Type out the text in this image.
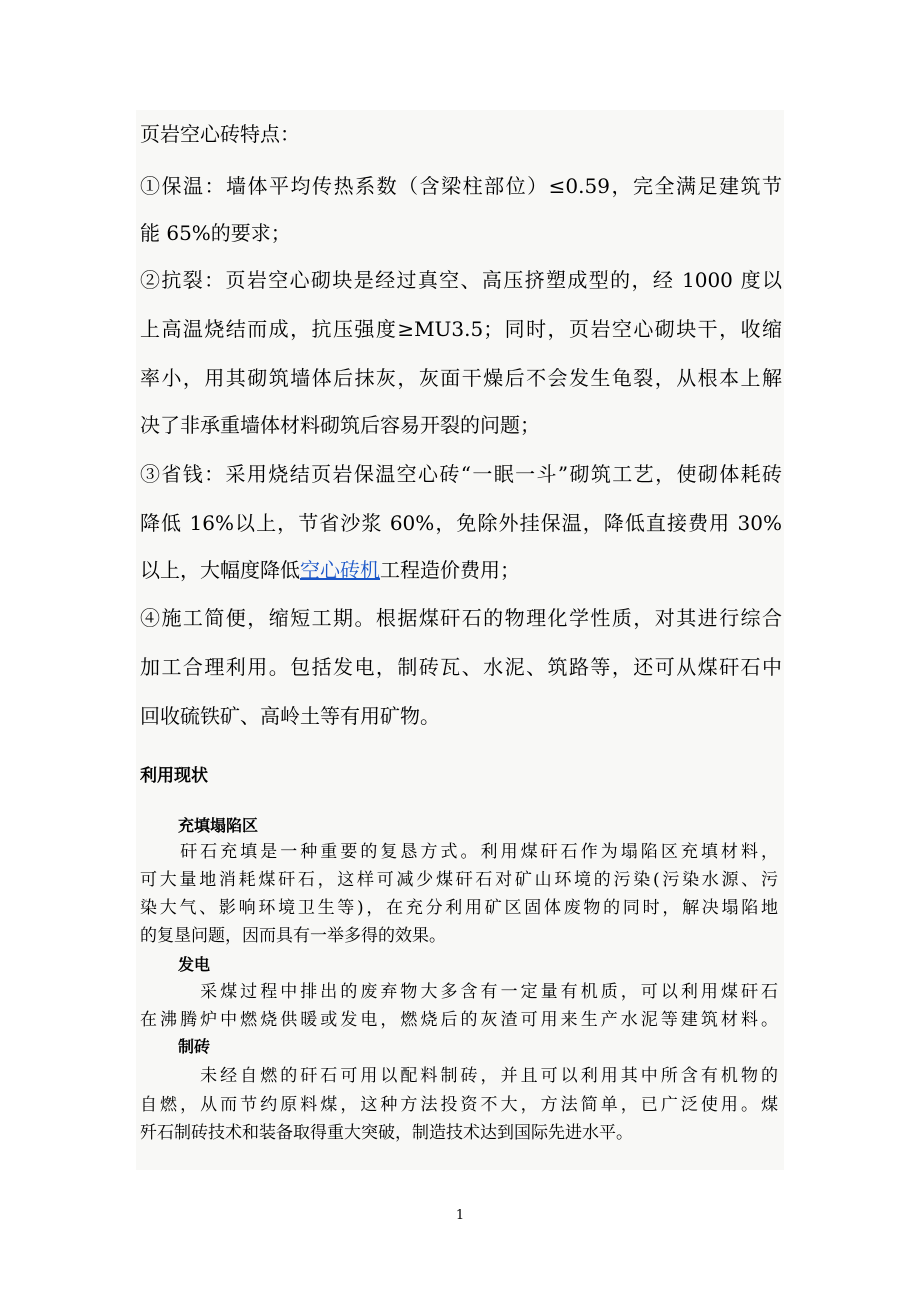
页岩空心砖特点：

①保温：墙体平均传热系数（含梁柱部位）≤0.59，完全满足建筑节

能 65%的要求；

②抗裂：页岩空心砌块是经过真空、高压挤塑成型的，经 1000 度以

上高温烧结而成，抗压强度≥MU3.5；同时，页岩空心砌块干，收缩

率小，用其砌筑墙体后抹灰，灰面干燥后不会发生龟裂，从根本上解

决了非承重墙体材料砌筑后容易开裂的问题；

③省钱：采用烧结页岩保温空心砖“一眠一斗”砌筑工艺，使砌体耗砖

降低 16%以上，节省沙浆 60%，免除外挂保温，降低直接费用 30%

以上，大幅度降低空心砖机工程造价费用；

④施工简便，缩短工期。根据煤矸石的物理化学性质，对其进行综合

加工合理利用。包括发电，制砖瓦、水泥、筑路等，还可从煤矸石中

回收硫铁矿、高岭土等有用矿物。

利用现状

充填塌陷区

　　矸石充填是一种重要的复恳方式。利用煤矸石作为塌陷区充填材料，

可大量地消耗煤矸石，这样可减少煤矸石对矿山环境的污染(污染水源、污

染大气、影响环境卫生等)，在充分利用矿区固体废物的同时，解决塌陷地

的复垦问题，因而具有一举多得的效果。

发电

　　　采煤过程中排出的废弃物大多含有一定量有机质，可以利用煤矸石

在沸腾炉中燃烧供暖或发电，燃烧后的灰渣可用来生产水泥等建筑材料。

制砖

　　　未经自燃的矸石可用以配料制砖，并且可以利用其中所含有机物的

自燃，从而节约原料煤，这种方法投资不大，方法简单，已广泛使用。煤

歼石制砖技术和装备取得重大突破，制造技术达到国际先进水平。

1
